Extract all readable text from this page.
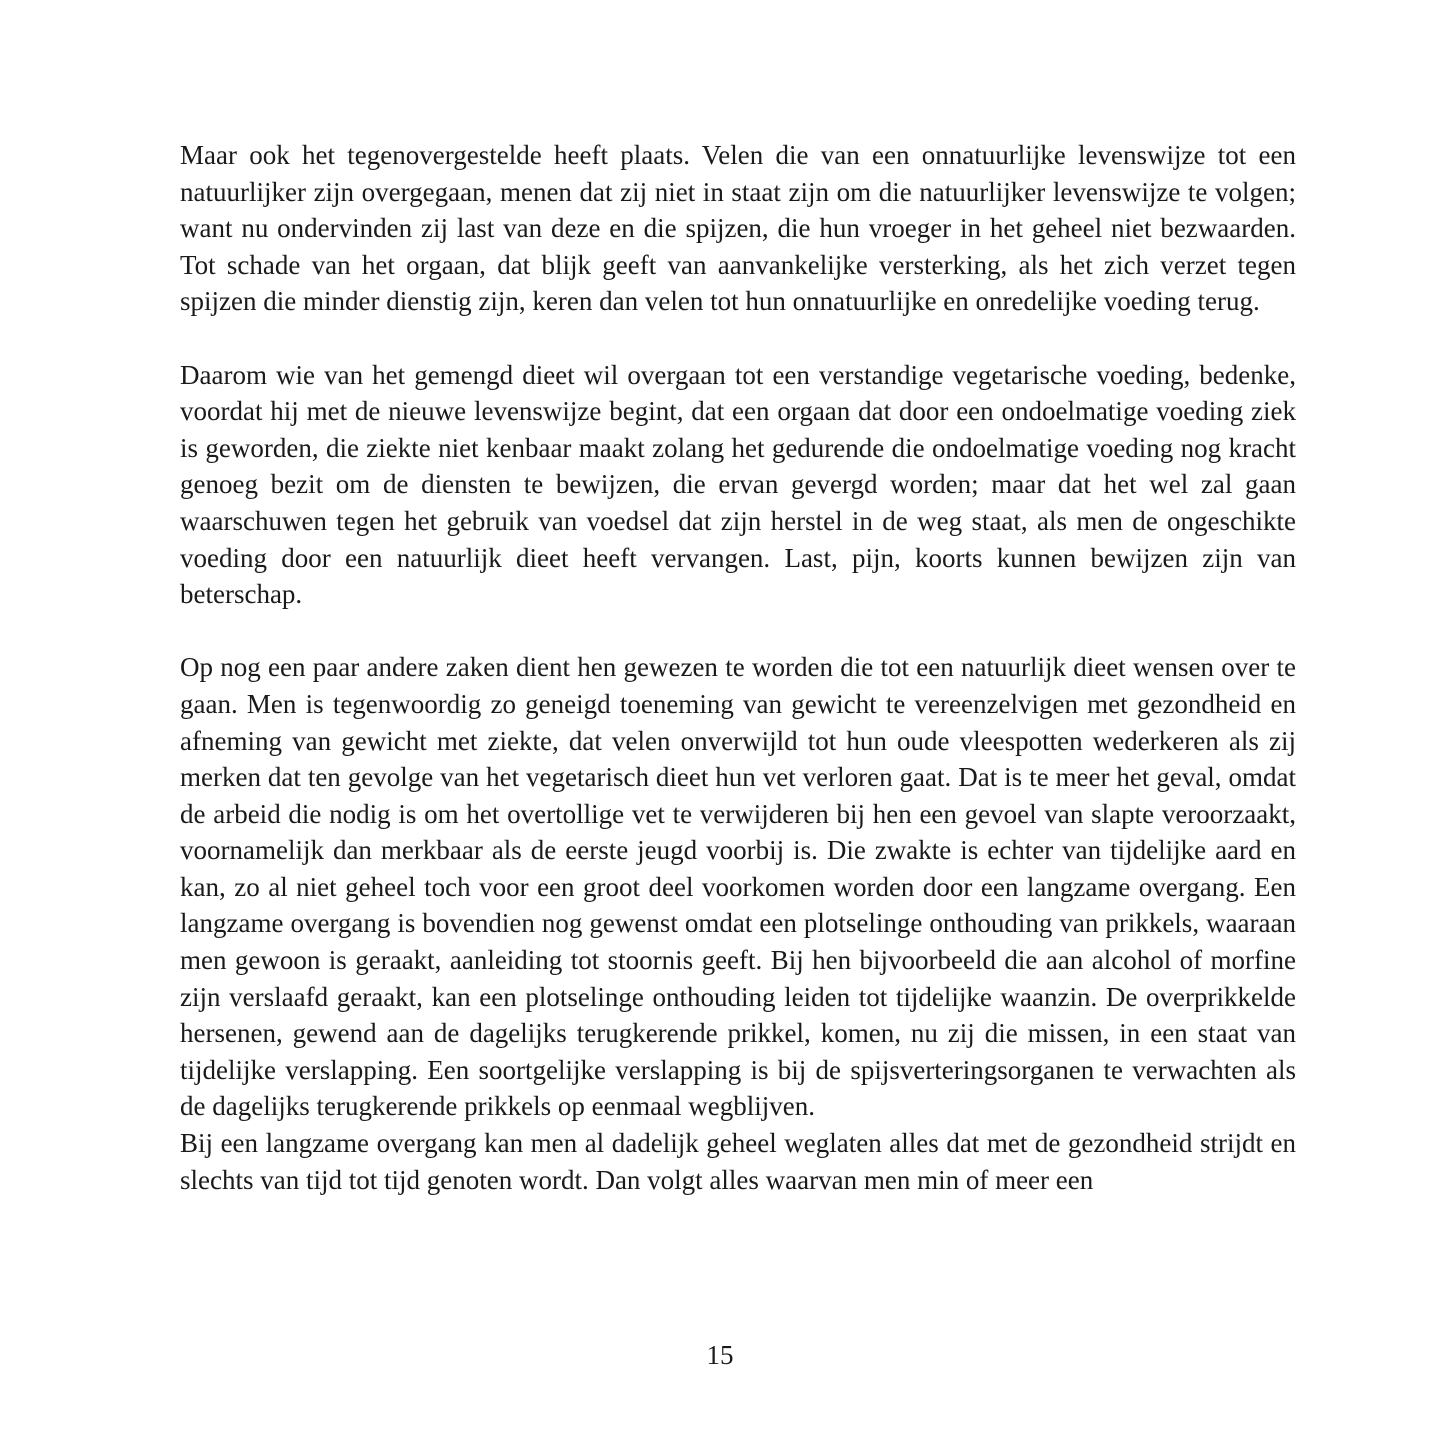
Maar ook het tegenovergestelde heeft plaats. Velen die van een onnatuurlijke levenswijze tot een natuurlijker zijn overgegaan, menen dat zij niet in staat zijn om die natuurlijker levenswijze te volgen; want nu ondervinden zij last van deze en die spijzen, die hun vroeger in het geheel niet bezwaarden. Tot schade van het orgaan, dat blijk geeft van aanvankelijke versterking, als het zich verzet tegen spijzen die minder dienstig zijn, keren dan velen tot hun onnatuurlijke en onredelijke voeding terug.

Daarom wie van het gemengd dieet wil overgaan tot een verstandige vegetarische voeding, bedenke, voordat hij met de nieuwe levenswijze begint, dat een orgaan dat door een ondoelmatige voeding ziek is geworden, die ziekte niet kenbaar maakt zolang het gedurende die ondoelmatige voeding nog kracht genoeg bezit om de diensten te bewijzen, die ervan gevergd worden; maar dat het wel zal gaan waarschuwen tegen het gebruik van voedsel dat zijn herstel in de weg staat, als men de ongeschikte voeding door een natuurlijk dieet heeft vervangen. Last, pijn, koorts kunnen bewijzen zijn van beterschap.

Op nog een paar andere zaken dient hen gewezen te worden die tot een natuurlijk dieet wensen over te gaan. Men is tegenwoordig zo geneigd toeneming van gewicht te vereenzelvigen met gezondheid en afneming van gewicht met ziekte, dat velen onverwijld tot hun oude vleespotten wederkeren als zij merken dat ten gevolge van het vegetarisch dieet hun vet verloren gaat. Dat is te meer het geval, omdat de arbeid die nodig is om het overtollige vet te verwijderen bij hen een gevoel van slapte veroorzaakt, voornamelijk dan merkbaar als de eerste jeugd voorbij is. Die zwakte is echter van tijdelijke aard en kan, zo al niet geheel toch voor een groot deel voorkomen worden door een langzame overgang. Een langzame overgang is bovendien nog gewenst omdat een plotselinge onthouding van prikkels, waaraan men gewoon is geraakt, aanleiding tot stoornis geeft. Bij hen bijvoorbeeld die aan alcohol of morfine zijn verslaafd geraakt, kan een plotselinge onthouding leiden tot tijdelijke waanzin. De overprikkelde hersenen, gewend aan de dagelijks terugkerende prikkel, komen, nu zij die missen, in een staat van tijdelijke verslapping. Een soortgelijke verslapping is bij de spijsverteringsorganen te verwachten als de dagelijks terugkerende prikkels op eenmaal wegblijven.

Bij een langzame overgang kan men al dadelijk geheel weglaten alles dat met de gezondheid strijdt en slechts van tijd tot tijd genoten wordt. Dan volgt alles waarvan men min of meer een

15
